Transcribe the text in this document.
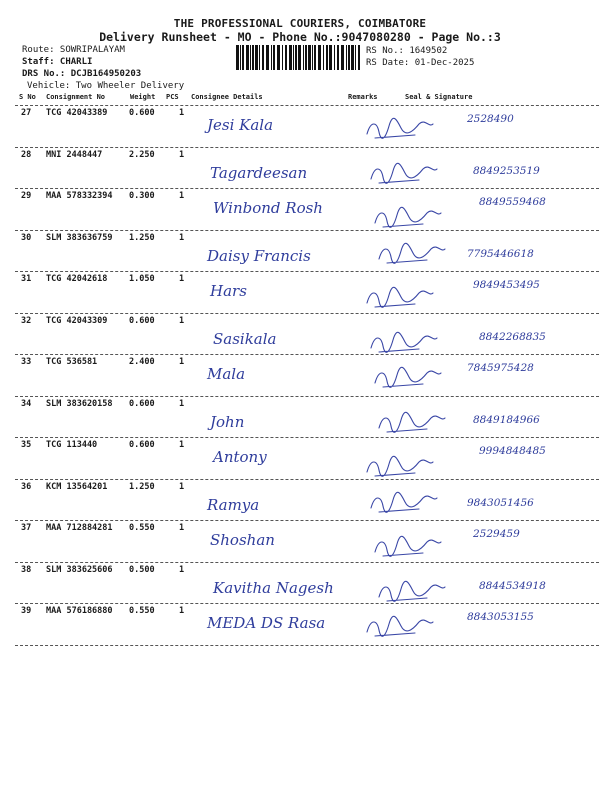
THE PROFESSIONAL COURIERS, COIMBATORE
Delivery Runsheet - MO - Phone No.:9047080280 - Page No.:3
Route: SOWRIPALAYAM
Staff: CHARLI
DRS No.: DCJB164950203
Vehicle: Two Wheeler Delivery
RS No.: 1649502
RS Date: 01-Dec-2025
S No Consignment No	Weight PCS Consignee Details	Remarks	Seal & Signature
27 TCG 42043389	0.600	1
Jesi Kala	2528490
28 MNI 2448447	2.250	1
Tagardeesan	8849253519
29 MAA 578332394 0.300	1
Winbond Rosh	8849559468
30 SLM 383636759 1.250	1
Daisy Francis	7795446618
31 TCG 42042618	1.050	1
Hars	9849453495
32 TCG 42043309	0.600	1
Sasikala	8842268835
33 TCG 536581	2.400	1
Mala	7845975428
34 SLM 383620158 0.600	1
John	8849184966
35 TCG 113440	0.600	1
Antony	9994848485
36 KCM 13564201	1.250	1
Ramya	9843051456
37 MAA 712884281 0.550	1
Shoshan	2529459
38 SLM 383625606 0.500	1
Kavitha Nagesh	8844534918
39 MAA 576186880 0.550	1
MEDA DS Rasa	8843053155
